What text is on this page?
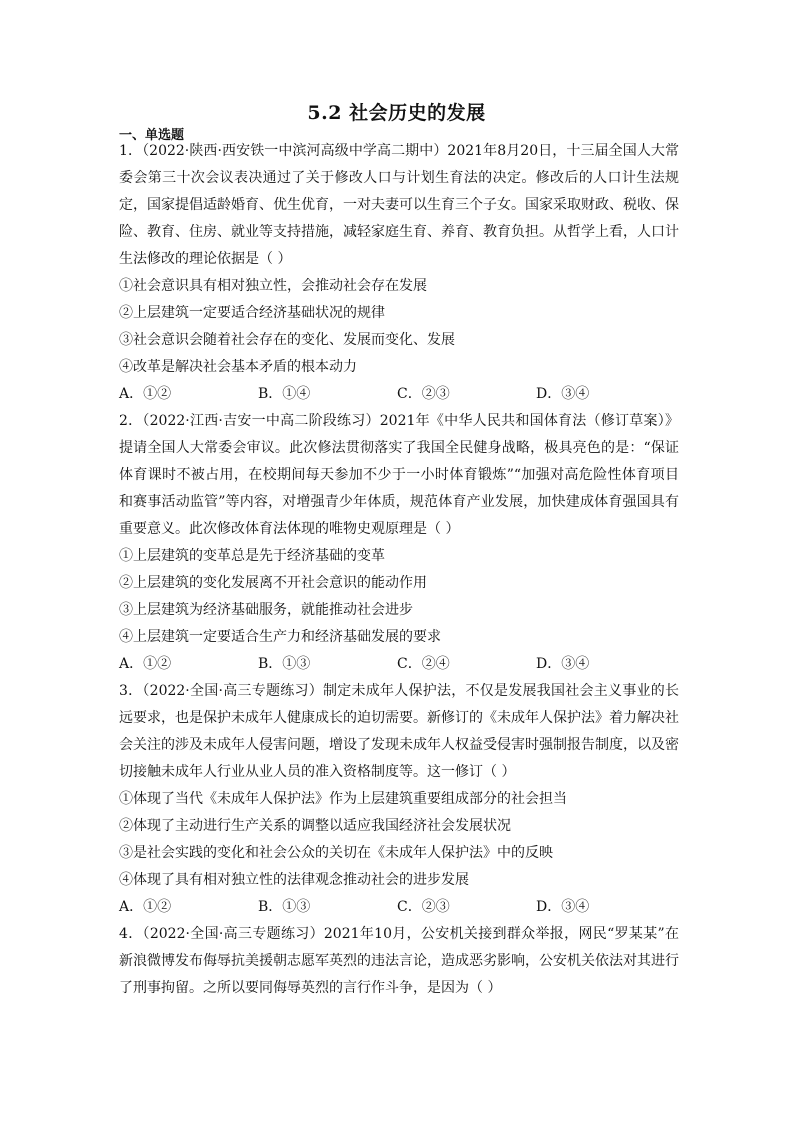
5.2 社会历史的发展
一、单选题

1．（2022·陕西·西安铁一中滨河高级中学高二期中）2021年8月20日，十三届全国人大常委会第三十次会议表决通过了关于修改人口与计划生育法的决定。修改后的人口计生法规定，国家提倡适龄婚育、优生优育，一对夫妻可以生育三个子女。国家采取财政、税收、保险、教育、住房、就业等支持措施，减轻家庭生育、养育、教育负担。从哲学上看，人口计生法修改的理论依据是（ ）

①社会意识具有相对独立性，会推动社会存在发展

②上层建筑一定要适合经济基础状况的规律

③社会意识会随着社会存在的变化、发展而变化、发展

④改革是解决社会基本矛盾的根本动力

A．①②	B．①④	C．②③	D．③④

2．（2022·江西·吉安一中高二阶段练习）2021年《中华人民共和国体育法（修订草案）》提请全国人大常委会审议。此次修法贯彻落实了我国全民健身战略，极具亮色的是：“保证体育课时不被占用，在校期间每天参加不少于一小时体育锻炼”“加强对高危险性体育项目和赛事活动监管”等内容，对增强青少年体质，规范体育产业发展，加快建成体育强国具有重要意义。此次修改体育法体现的唯物史观原理是（ ）

①上层建筑的变革总是先于经济基础的变革

②上层建筑的变化发展离不开社会意识的能动作用

③上层建筑为经济基础服务，就能推动社会进步

④上层建筑一定要适合生产力和经济基础发展的要求

A．①②	B．①③	C．②④	D．③④

3．（2022·全国·高三专题练习）制定未成年人保护法，不仅是发展我国社会主义事业的长远要求，也是保护未成年人健康成长的迫切需要。新修订的《未成年人保护法》着力解决社会关注的涉及未成年人侵害问题，增设了发现未成年人权益受侵害时强制报告制度，以及密切接触未成年人行业从业人员的准入资格制度等。这一修订（ ）

①体现了当代《未成年人保护法》作为上层建筑重要组成部分的社会担当

②体现了主动进行生产关系的调整以适应我国经济社会发展状况

③是社会实践的变化和社会公众的关切在《未成年人保护法》中的反映

④体现了具有相对独立性的法律观念推动社会的进步发展

A．①②	B．①③	C．②③	D．③④

4．（2022·全国·高三专题练习）2021年10月，公安机关接到群众举报，网民“罗某某”在新浪微博发布侮辱抗美援朝志愿军英烈的违法言论，造成恶劣影响，公安机关依法对其进行了刑事拘留。之所以要同侮辱英烈的言行作斗争，是因为（ ）
